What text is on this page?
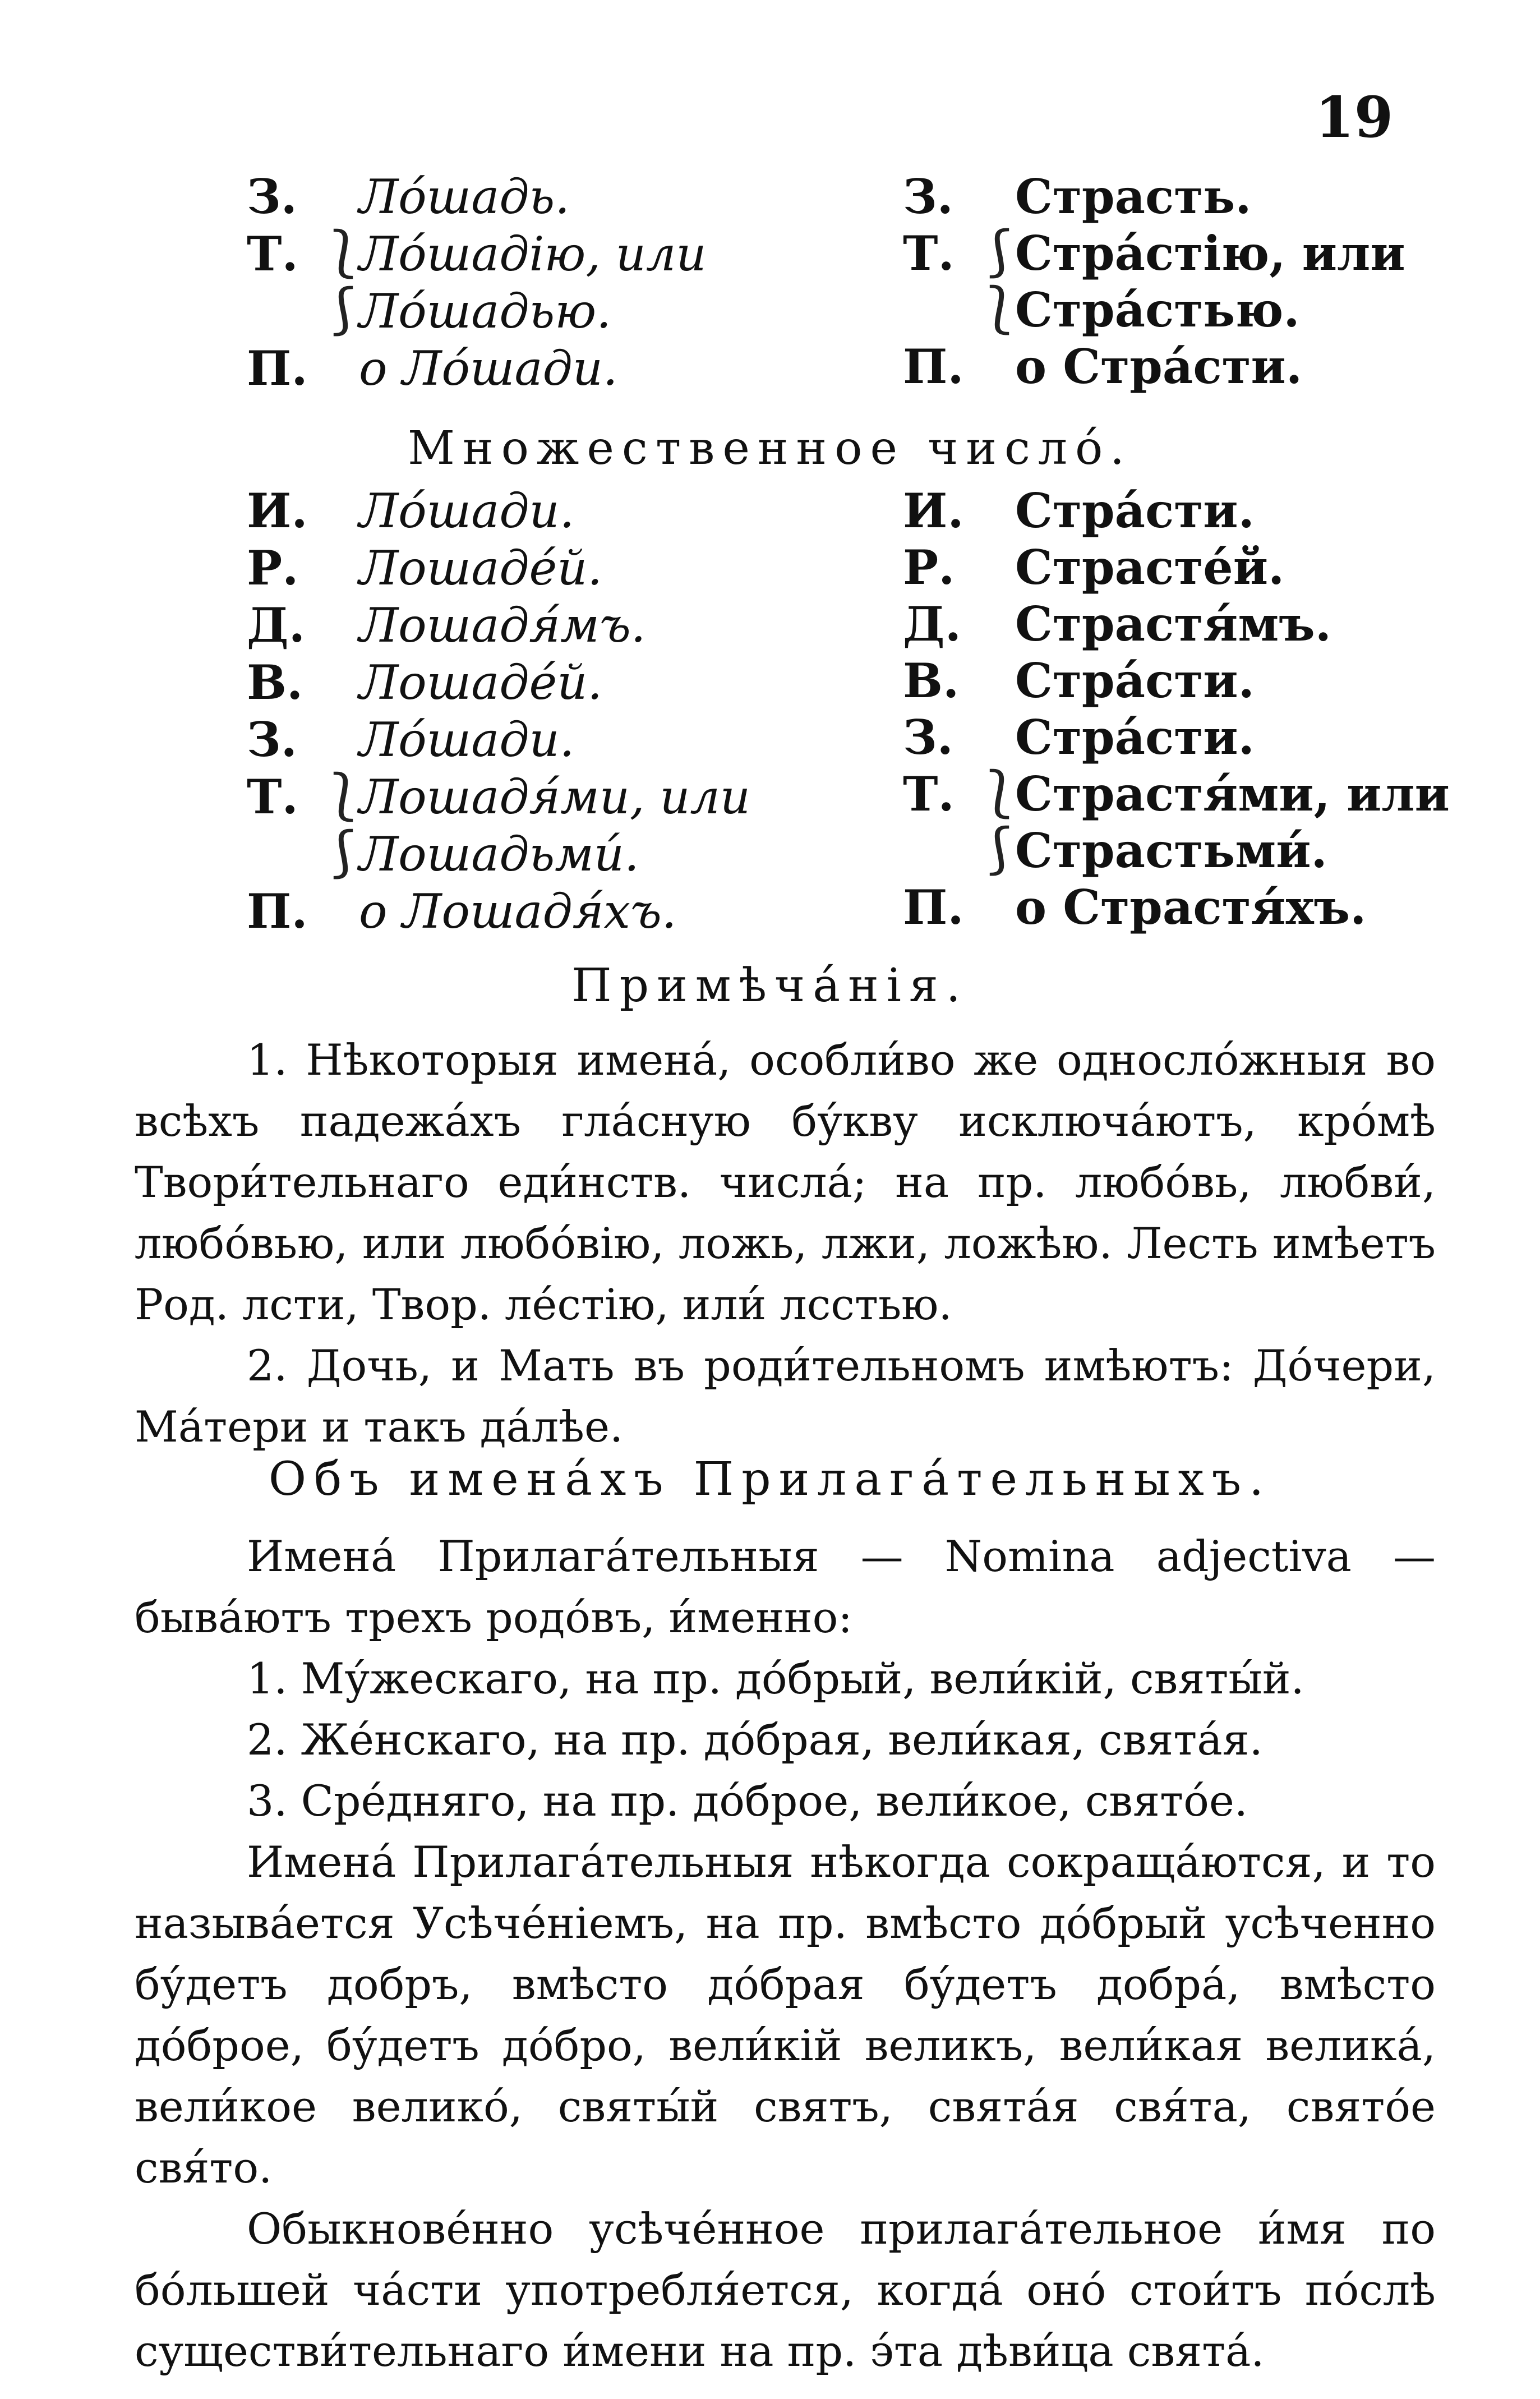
19
З.	Лóшадь.
Т. ⎱
Лóшадію, или
⎰
Лóшадью.
П. о Лóшади.
З.	Страсть.
Т. ⎰
Стрáстію, или
⎱
Стрáстью.
П. о Стрáсти.
Множественное числó.
И. Лóшади.
Р.	Лошадéй.
Д.	Лошадя́мъ.
В.	Лошадéй.
З.	Лóшади.
Т. ⎱
Лошадя́ми, или
⎰
Лошадьми́.
П. о Лошадя́хъ.
И. Стрáсти.
Р.	Страстéй.
Д.	Страстя́мъ.
В.	Стрáсти.
З.	Стрáсти.
Т. ⎱
Страстя́ми, или
⎰
Страстьми́.
П. о Страстя́хъ.
Примѣчáнія.

1. Нѣкоторыя именá, особли́во же односло́жныя во всѣхъ падежáхъ глáсную бу́кву исключáютъ, крóмѣ Твори́тельнаго еди́нств. числá; на пр. любóвь, любви́, любóвью, или любóвію, ложь, лжи, ложѣю. Лесть имѣетъ Род. лсти, Твор. лéстію, или́ лсстью.

2. Дочь, и Мать въ роди́тельномъ имѣютъ: Дóчери, Мáтери и такъ дáлѣе.

Объ именáхъ Прилагáтельныхъ.

Именá Прилагáтельныя — Nomina adjectiva — бывáютъ трехъ родóвъ, и́менно:

1. Му́жескаго, на пр. дóбрый, вели́кій, святы́й.

2. Жéнскаго, на пр. дóбрая, вели́кая, святáя.

3. Срéдняго, на пр. дóброе, вели́кое, святóе.

Именá Прилагáтельныя нѣкогда сокращáются, и то называ́ется Усѣчéніемъ, на пр. вмѣсто дóбрый усѣченно бу́детъ добръ, вмѣсто дóбрая бу́детъ добрá, вмѣсто дóброе, бу́детъ дóбро, вели́кій великъ, вели́кая великá, вели́кое великó, святы́й святъ, святáя свя́та, святóе свя́то.

Обыкновéнно усѣчéнное прилагáтельное и́мя по бóльшей чáсти употребля́ется, когдá онó стои́тъ пóслѣ существи́тельнаго и́мени на пр. э́та дѣви́ца святá.
